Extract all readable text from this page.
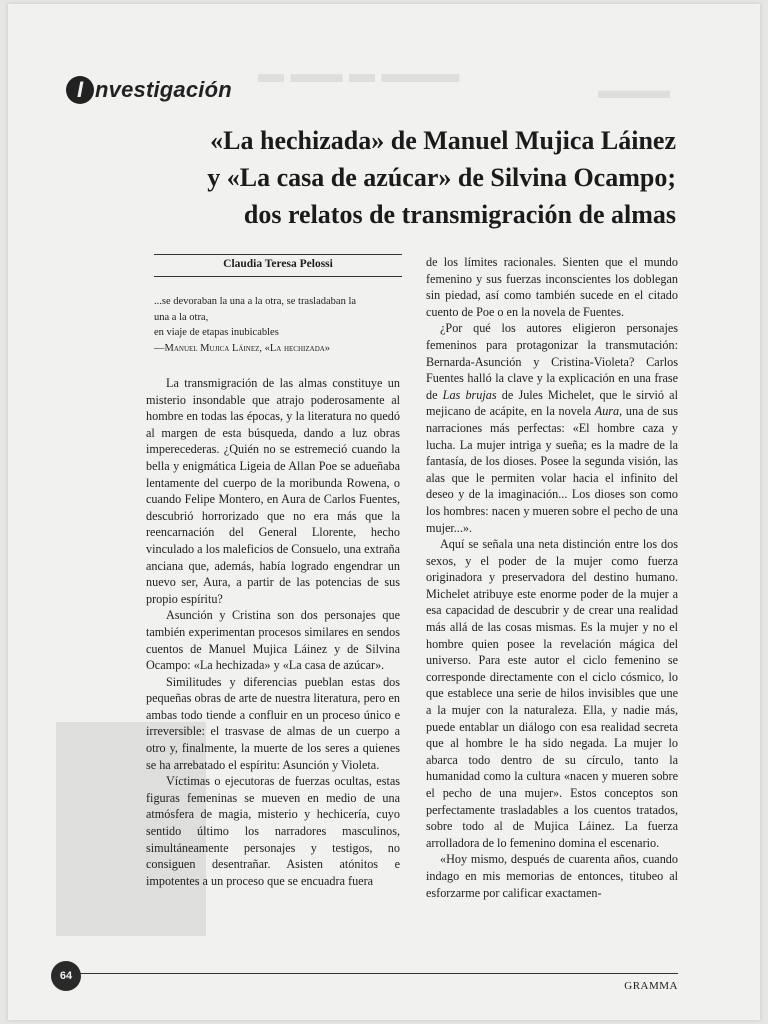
▬ ▬▬ ▬ ▬▬▬
▬▬▬
I nvestigación
«La hechizada» de Manuel Mujica Láinez
y «La casa de azúcar» de Silvina Ocampo;
dos relatos de transmigración de almas
Claudia Teresa Pelossi
...se devoraban la una a la otra, se trasladaban la
una a la otra,
en viaje de etapas inubicables
—Manuel Mujica Láinez, «La hechizada»

La transmigración de las almas constituye un misterio insondable que atrajo poderosamente al hombre en todas las épocas, y la literatura no quedó al margen de esta búsqueda, dando a luz obras imperecederas. ¿Quién no se estremeció cuando la bella y enigmática Ligeia de Allan Poe se adueñaba lentamente del cuerpo de la moribunda Rowena, o cuando Felipe Montero, en Aura de Carlos Fuentes, descubrió horrorizado que no era más que la reencarnación del General Llorente, hecho vinculado a los maleficios de Consuelo, una extraña anciana que, además, había logrado engendrar un nuevo ser, Aura, a partir de las potencias de sus propio espíritu?

Asunción y Cristina son dos personajes que también experimentan procesos similares en sendos cuentos de Manuel Mujica Láinez y de Silvina Ocampo: «La hechizada» y «La casa de azúcar».

Similitudes y diferencias pueblan estas dos pequeñas obras de arte de nuestra literatura, pero en ambas todo tiende a confluir en un proceso único e irreversible: el trasvase de almas de un cuerpo a otro y, finalmente, la muerte de los seres a quienes se ha arrebatado el espíritu: Asunción y Violeta.

Víctimas o ejecutoras de fuerzas ocultas, estas figuras femeninas se mueven en medio de una atmósfera de magia, misterio y hechicería, cuyo sentido último los narradores masculinos, simultáneamente personajes y testigos, no consiguen desentrañar. Asisten atónitos e impotentes a un proceso que se encuadra fuera

de los límites racionales. Sienten que el mundo femenino y sus fuerzas inconscientes los doblegan sin piedad, así como también sucede en el citado cuento de Poe o en la novela de Fuentes.

¿Por qué los autores eligieron personajes femeninos para protagonizar la transmutación: Bernarda-Asunción y Cristina-Violeta? Carlos Fuentes halló la clave y la explicación en una frase de Las brujas de Jules Michelet, que le sirvió al mejicano de acápite, en la novela Aura, una de sus narraciones más perfectas: «El hombre caza y lucha. La mujer intriga y sueña; es la madre de la fantasía, de los dioses. Posee la segunda visión, las alas que le permiten volar hacia el infinito del deseo y de la imaginación... Los dioses son como los hombres: nacen y mueren sobre el pecho de una mujer...».

Aquí se señala una neta distinción entre los dos sexos, y el poder de la mujer como fuerza originadora y preservadora del destino humano. Michelet atribuye este enorme poder de la mujer a esa capacidad de descubrir y de crear una realidad más allá de las cosas mismas. Es la mujer y no el hombre quien posee la revelación mágica del universo. Para este autor el ciclo femenino se corresponde directamente con el ciclo cósmico, lo que establece una serie de hilos invisibles que une a la mujer con la naturaleza. Ella, y nadie más, puede entablar un diálogo con esa realidad secreta que al hombre le ha sido negada. La mujer lo abarca todo dentro de su círculo, tanto la humanidad como la cultura «nacen y mueren sobre el pecho de una mujer». Estos conceptos son perfectamente trasladables a los cuentos tratados, sobre todo al de Mujica Láinez. La fuerza arrolladora de lo femenino domina el escenario.

«Hoy mismo, después de cuarenta años, cuando indago en mis memorias de entonces, titubeo al esforzarme por calificar exactamen-

64
GRAMMA
